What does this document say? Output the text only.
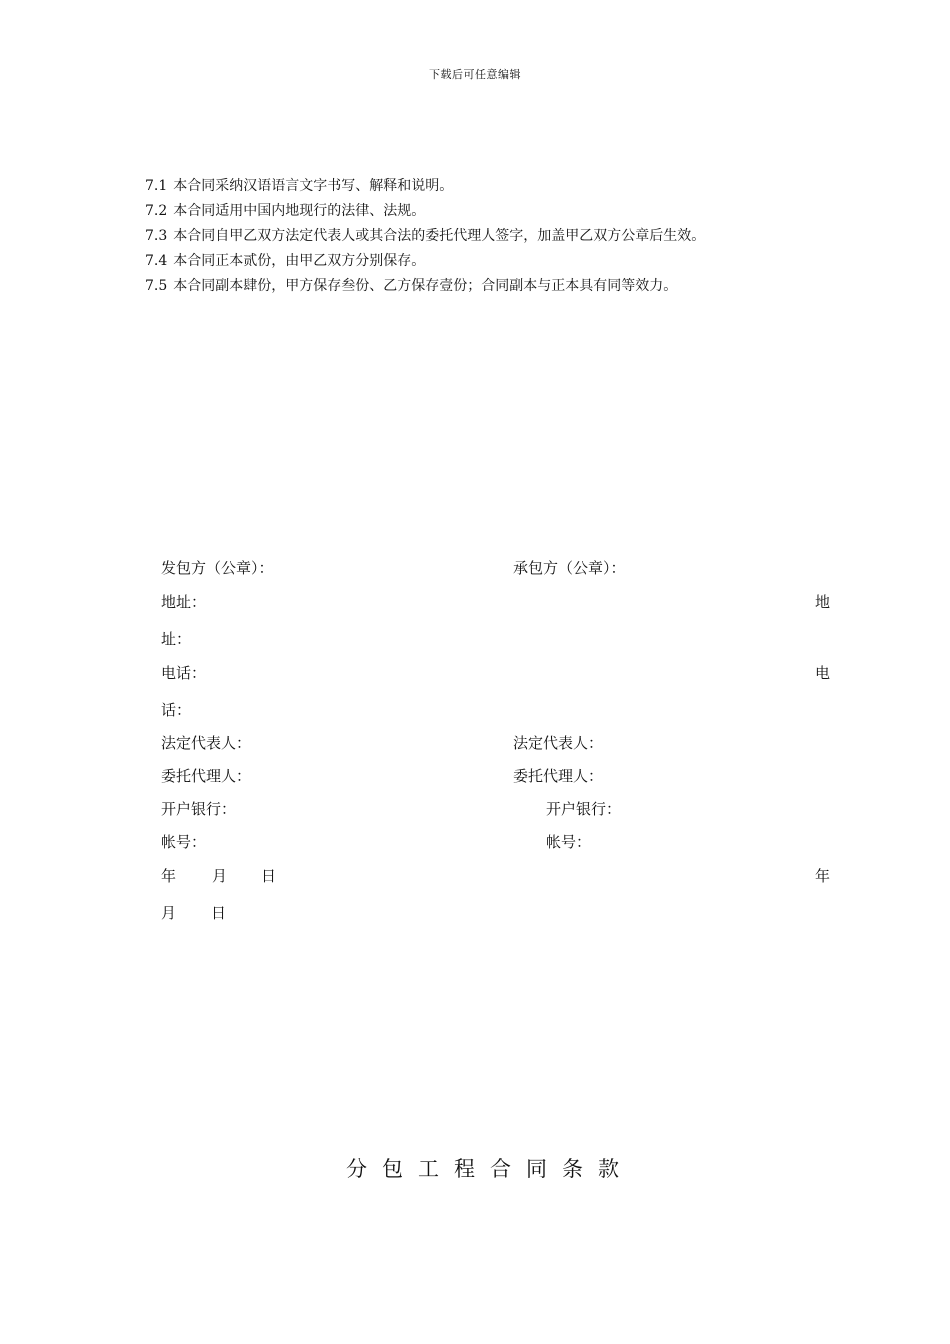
下载后可任意编辑
7.1 本合同采纳汉语语言文字书写、解释和说明。
7.2 本合同适用中国内地现行的法律、法规。
7.3 本合同自甲乙双方法定代表人或其合法的委托代理人签字，加盖甲乙双方公章后生效。
7.4 本合同正本贰份，由甲乙双方分别保存。
7.5 本合同副本肆份，甲方保存叁份、乙方保存壹份；合同副本与正本具有同等效力。
发包方（公章）：	承包方（公章）：
地址：	地
址：
电话：	电
话：
法定代表人：	法定代表人：
委托代理人：	委托代理人：
开户银行：	开户银行：
帐号：	帐号：
年 月 日	年
月 日
分包工程合同条款
